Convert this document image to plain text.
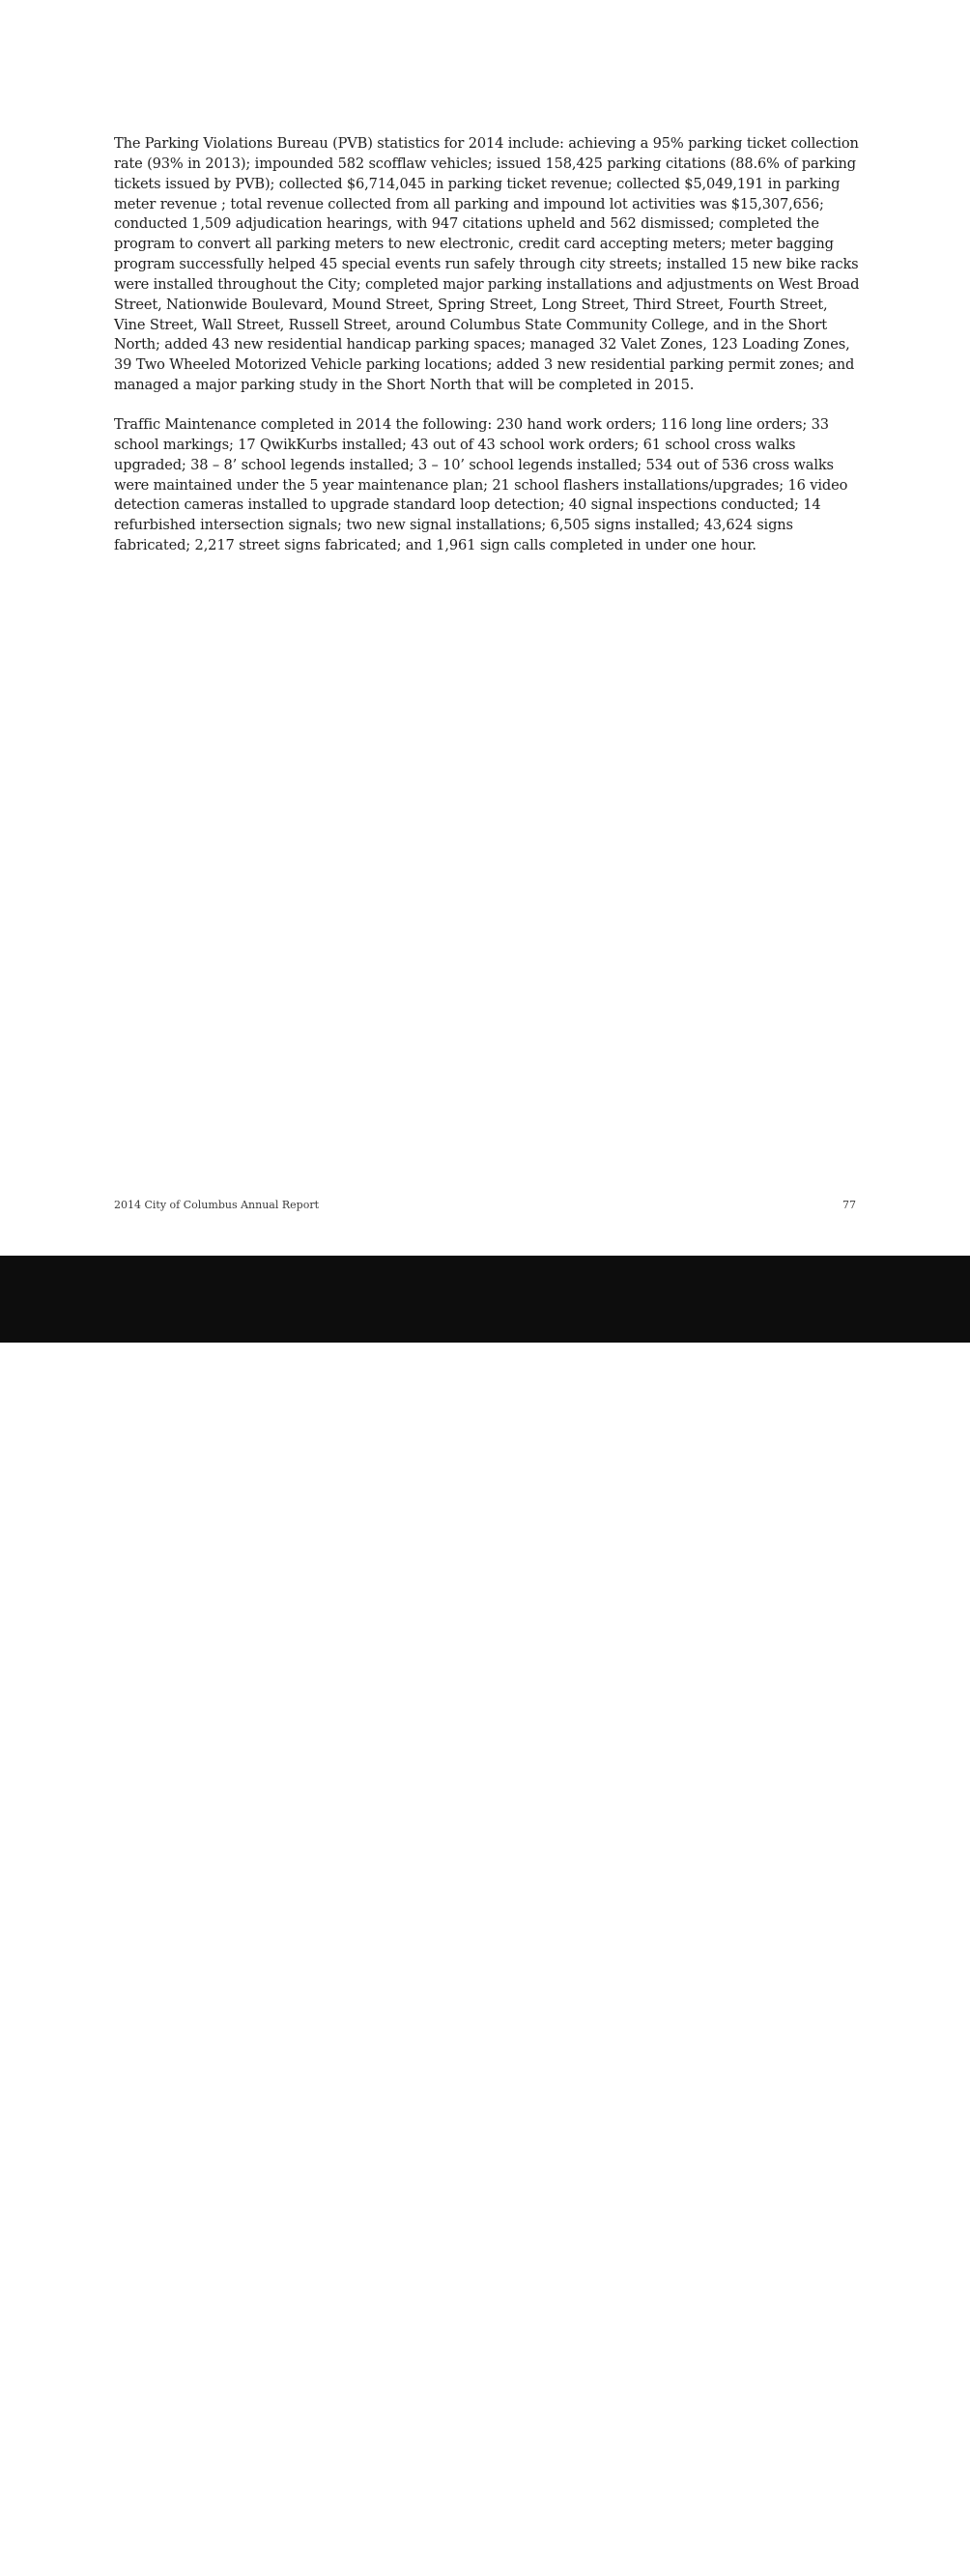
The Parking Violations Bureau (PVB) statistics for 2014 include: achieving a 95% parking ticket collection rate (93% in 2013); impounded 582 scofflaw vehicles; issued 158,425 parking citations (88.6% of parking tickets issued by PVB); collected $6,714,045 in parking ticket revenue; collected $5,049,191 in parking meter revenue ; total revenue collected from all parking and impound lot activities was $15,307,656; conducted 1,509 adjudication hearings, with 947 citations upheld and 562 dismissed; completed the program to convert all parking meters to new electronic, credit card accepting meters; meter bagging program successfully helped 45 special events run safely through city streets; installed 15 new bike racks were installed throughout the City; completed major parking installations and adjustments on West Broad Street, Nationwide Boulevard, Mound Street, Spring Street, Long Street, Third Street, Fourth Street, Vine Street, Wall Street, Russell Street, around Columbus State Community College, and in the Short North; added 43 new residential handicap parking spaces; managed 32 Valet Zones, 123 Loading Zones, 39 Two Wheeled Motorized Vehicle parking locations; added 3 new residential parking permit zones; and managed a major parking study in the Short North that will be completed in 2015.

Traffic Maintenance completed in 2014 the following: 230 hand work orders; 116 long line orders; 33 school markings; 17 QwikKurbs installed; 43 out of 43 school work orders; 61 school cross walks upgraded; 38 – 8’ school legends installed; 3 – 10’ school legends installed; 534 out of 536 cross walks were maintained under the 5 year maintenance plan; 21 school flashers installations/upgrades; 16 video detection cameras installed to upgrade standard loop detection; 40 signal inspections conducted; 14 refurbished intersection signals; two new signal installations; 6,505 signs installed; 43,624 signs fabricated; 2,217 street signs fabricated; and 1,961 sign calls completed in under one hour.

2014 City of Columbus Annual Report	77
alamy	Image ID: 3BGJR7N
www.alamy.com
